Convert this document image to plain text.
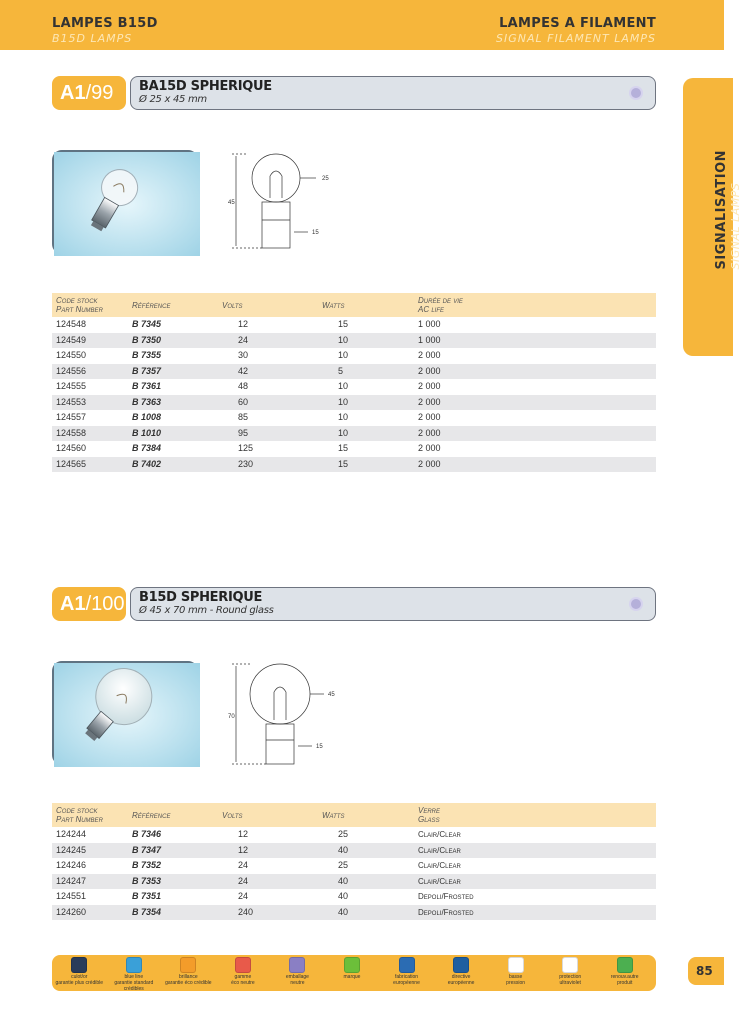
LAMPES B15D
B15D LAMPS
LAMPES A FILAMENT
SIGNAL FILAMENT LAMPS
SIGNALISATION SIGNAL LAMPS
A1/99	BA15D SPHERIQUE
Ø 25 x 45 mm
45
25
15
Code stock
Part Number	Référence	Volts	Watts	Durée de vie
AC life
124548	B 7345	12	15	1 000
124549	B 7350	24	10	1 000
124550	B 7355	30	10	2 000
124556	B 7357	42	5	2 000
124555	B 7361	48	10	2 000
124553	B 7363	60	10	2 000
124557	B 1008	85	10	2 000
124558	B 1010	95	10	2 000
124560	B 7384	125	15	2 000
124565	B 7402	230	15	2 000
A1/100 B15D SPHERIQUE
Ø 45 x 70 mm - Round glass
70
45
15
Code stock
Part Number	Référence	Volts	Watts	Verre
Glass
124244	B 7346	12	25	Clair/Clear
124245	B 7347	12	40	Clair/Clear
124246	B 7352	24	25	Clair/Clear
124247	B 7353	24	40	Clair/Clear
124551	B 7351	24	40	Depoli/Frosted
124260	B 7354	240	40	Depoli/Frosted
culot/or
garantie plus crédible
blue line
garantie standard crédibles
brillance
garantie éco crédible
gamme
éco neutre
emballage
neutre
marque	fabrication
européenne
directive
européenne
basse
pression
protection
ultraviolet
renouv.autre
produit
85
